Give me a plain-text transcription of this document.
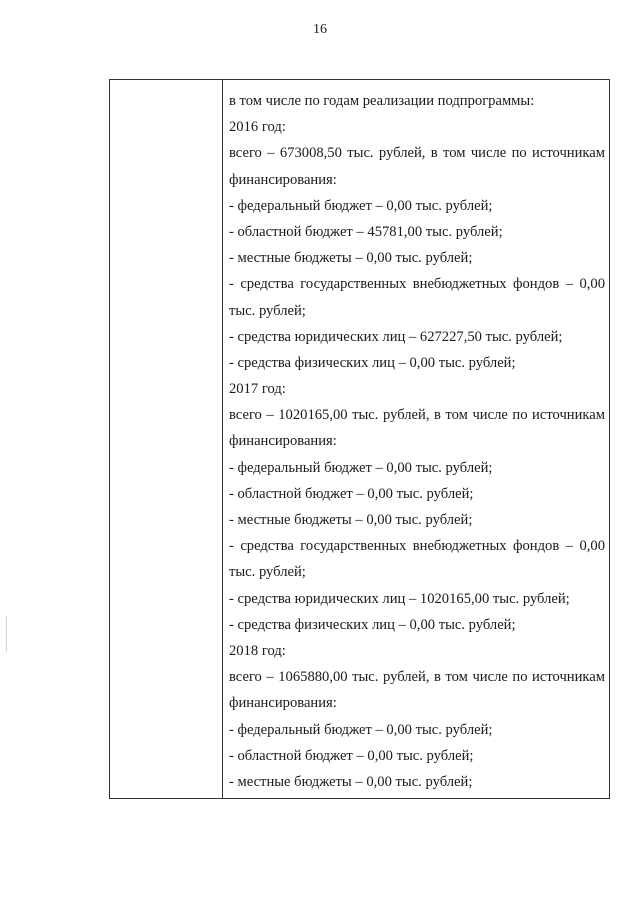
16
в том числе по годам реализации подпрограммы:
2016 год:
всего – 673008,50 тыс. рублей, в том числе по источникам
финансирования:
- федеральный бюджет – 0,00 тыс. рублей;
- областной бюджет – 45781,00 тыс. рублей;
- местные бюджеты – 0,00 тыс. рублей;
- средства государственных внебюджетных фондов – 0,00
тыс. рублей;
- средства юридических лиц – 627227,50 тыс. рублей;
- средства физических лиц – 0,00 тыс. рублей;
2017 год:
всего – 1020165,00 тыс. рублей, в том числе по источникам
финансирования:
- федеральный бюджет – 0,00 тыс. рублей;
- областной бюджет – 0,00 тыс. рублей;
- местные бюджеты – 0,00 тыс. рублей;
- средства государственных внебюджетных фондов – 0,00
тыс. рублей;
- средства юридических лиц – 1020165,00 тыс. рублей;
- средства физических лиц – 0,00 тыс. рублей;
2018 год:
всего – 1065880,00 тыс. рублей, в том числе по источникам
финансирования:
- федеральный бюджет – 0,00 тыс. рублей;
- областной бюджет – 0,00 тыс. рублей;
- местные бюджеты – 0,00 тыс. рублей;
